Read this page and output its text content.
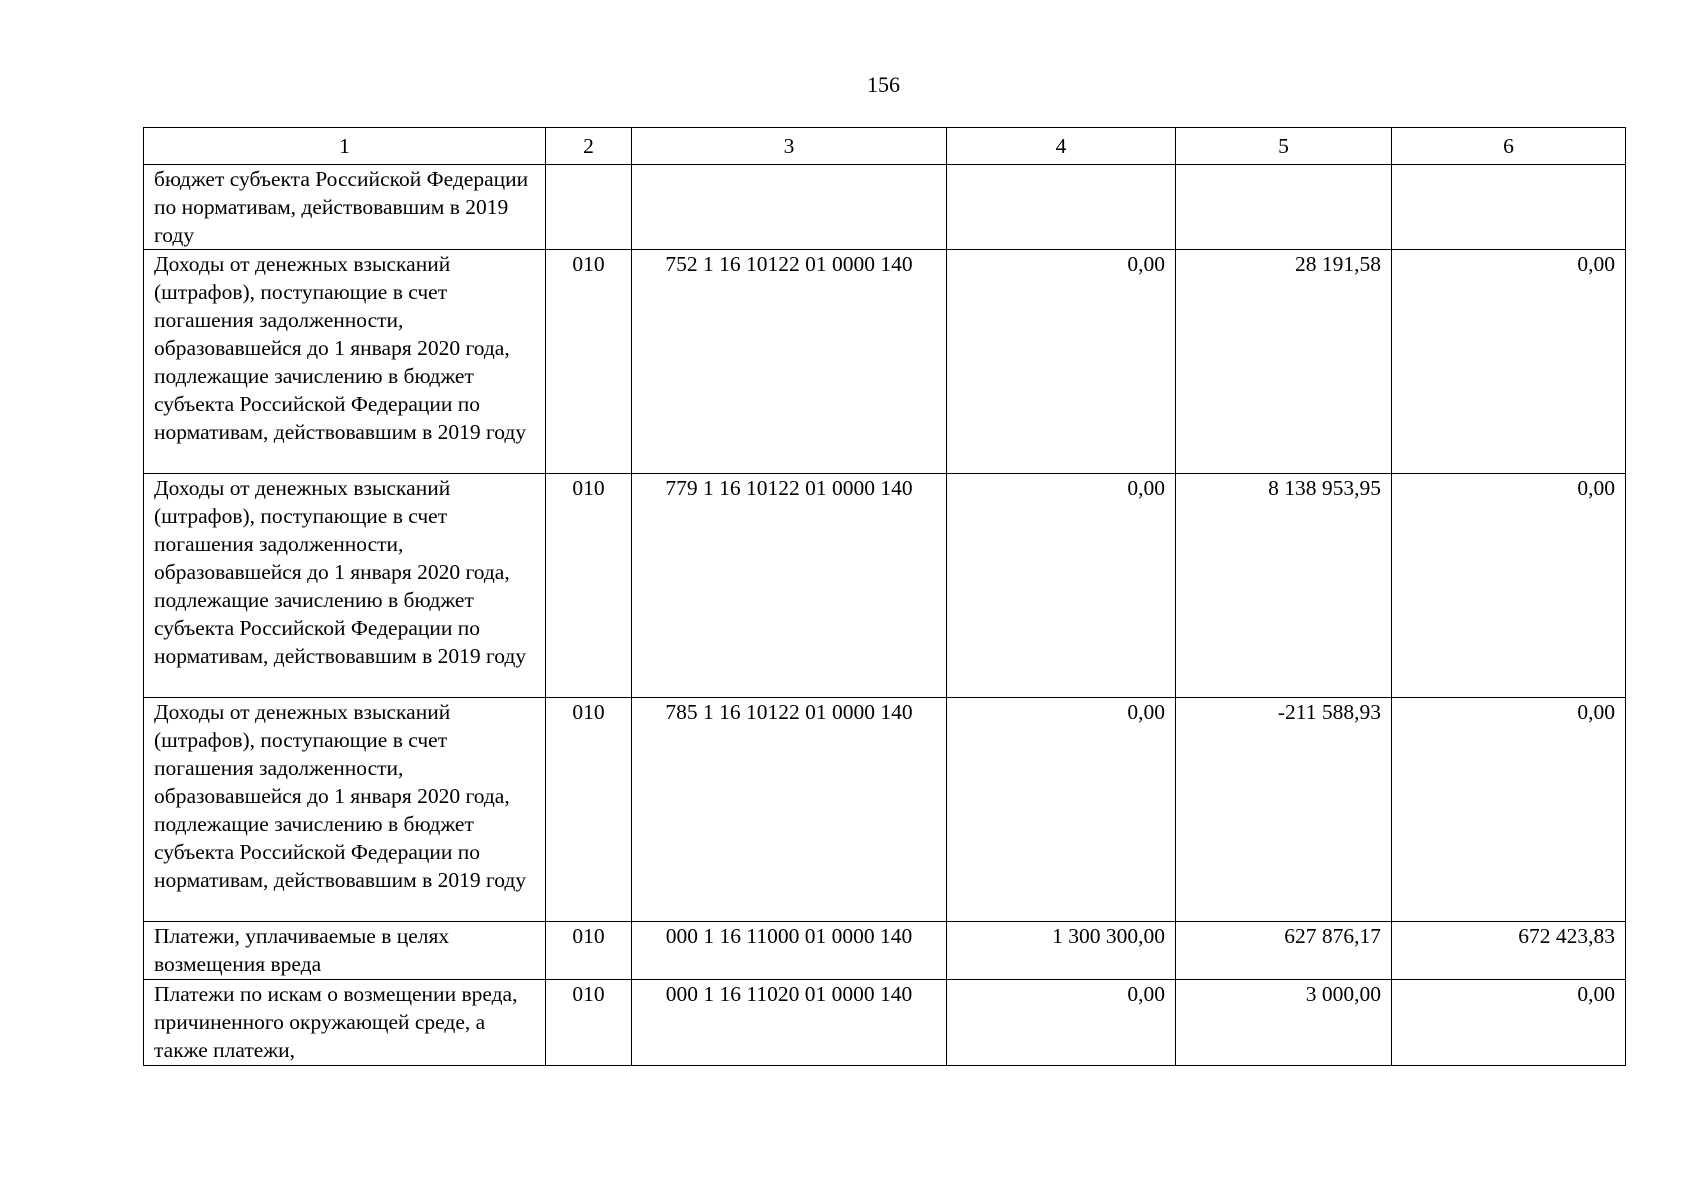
156
1	2	3	4	5	6
бюджет субъекта Российской Федерации по нормативам, действовавшим в 2019 году					
Доходы от денежных взысканий (штрафов), поступающие в счет погашения задолженности, образовавшейся до 1 января 2020 года, подлежащие зачислению в бюджет субъекта Российской Федерации по нормативам, действовавшим в 2019 году	010	752 1 16 10122 01 0000 140	0,00	28 191,58	0,00
Доходы от денежных взысканий (штрафов), поступающие в счет погашения задолженности, образовавшейся до 1 января 2020 года, подлежащие зачислению в бюджет субъекта Российской Федерации по нормативам, действовавшим в 2019 году	010	779 1 16 10122 01 0000 140	0,00	8 138 953,95	0,00
Доходы от денежных взысканий (штрафов), поступающие в счет погашения задолженности, образовавшейся до 1 января 2020 года, подлежащие зачислению в бюджет субъекта Российской Федерации по нормативам, действовавшим в 2019 году	010	785 1 16 10122 01 0000 140	0,00	-211 588,93	0,00
Платежи, уплачиваемые в целях возмещения вреда	010	000 1 16 11000 01 0000 140	1 300 300,00	627 876,17	672 423,83
Платежи по искам о возмещении вреда, причиненного окружающей среде, а также платежи,	010	000 1 16 11020 01 0000 140	0,00	3 000,00	0,00
